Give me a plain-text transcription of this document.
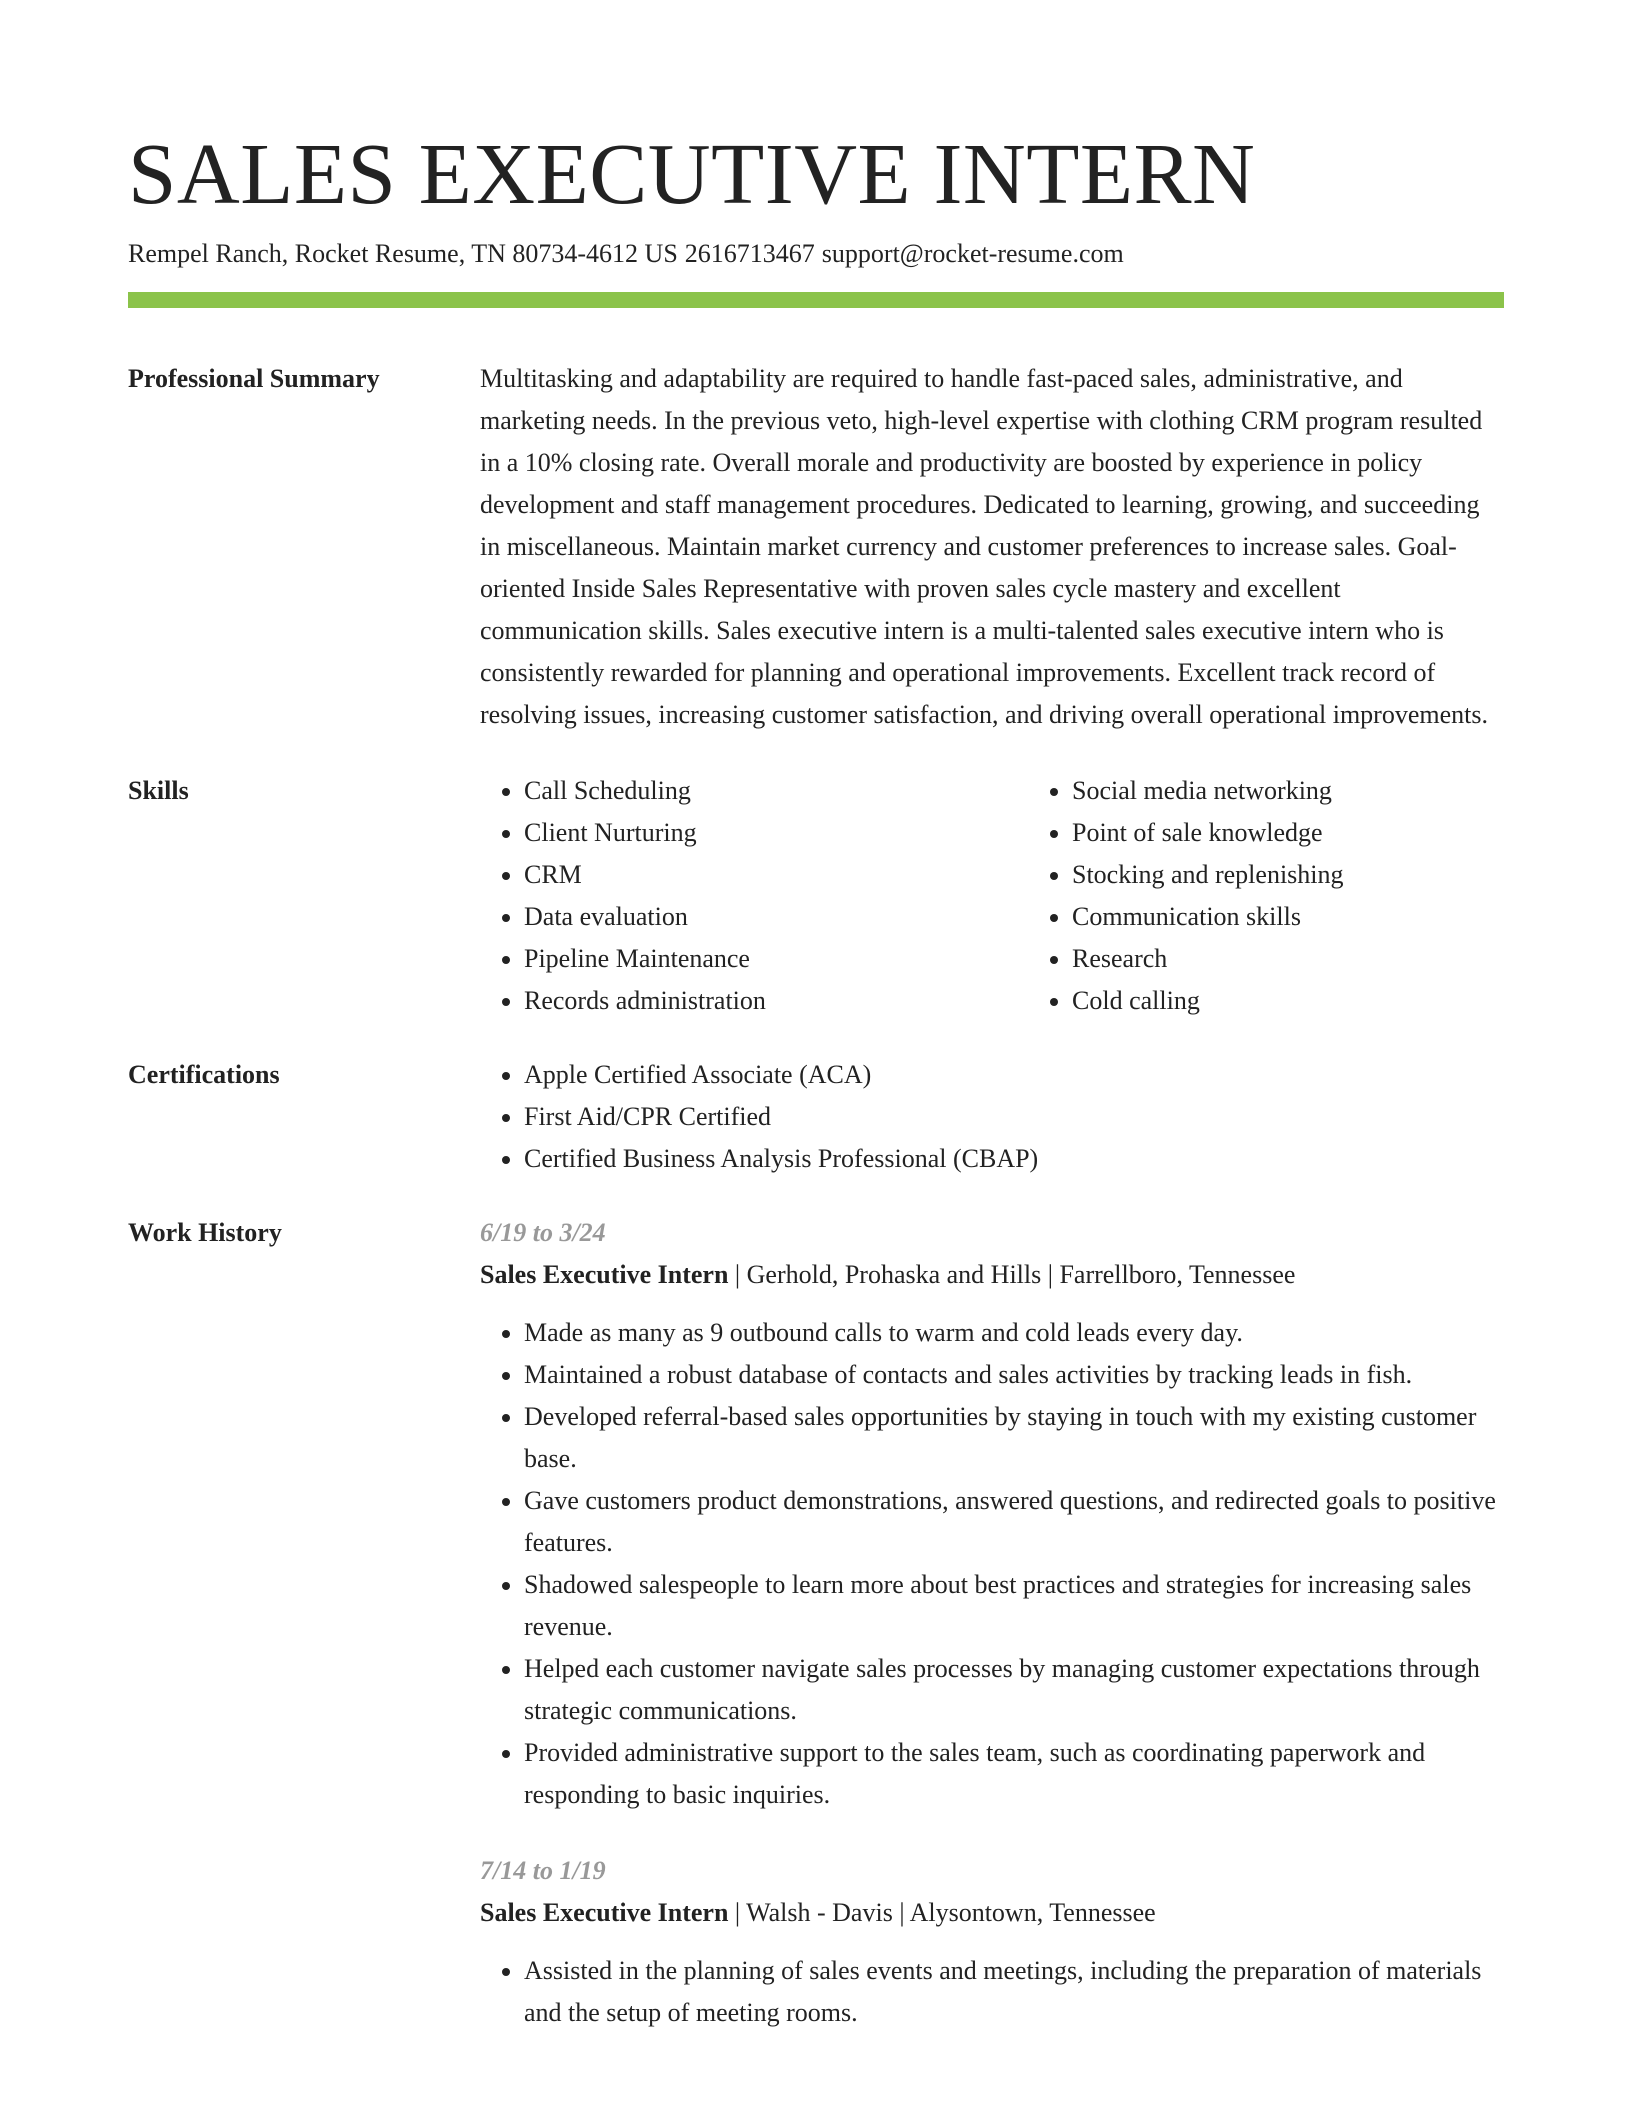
SALES EXECUTIVE INTERN
Rempel Ranch, Rocket Resume, TN 80734-4612 US 2616713467 support@rocket-resume.com
Professional Summary	Multitasking and adaptability are required to handle fast-paced sales, administrative, and marketing needs. In the previous veto, high-level expertise with clothing CRM program resulted in a 10% closing rate. Overall morale and productivity are boosted by experience in policy development and staff management procedures. Dedicated to learning, growing, and succeeding in miscellaneous. Maintain market currency and customer preferences to increase sales. Goal-oriented Inside Sales Representative with proven sales cycle mastery and excellent communication skills. Sales executive intern is a multi-talented sales executive intern who is consistently rewarded for planning and operational improvements. Excellent track record of resolving issues, increasing customer satisfaction, and driving overall operational improvements.
Skills	• Call Scheduling
• Client Nurturing
• CRM
• Data evaluation
• Pipeline Maintenance
• Records administration
• Social media networking
• Point of sale knowledge
• Stocking and replenishing
• Communication skills
• Research
• Cold calling
Certifications	• Apple Certified Associate (ACA)
• First Aid/CPR Certified
• Certified Business Analysis Professional (CBAP)
Work History	6/19 to 3/24
Sales Executive Intern | Gerhold, Prohaska and Hills | Farrellboro, Tennessee
• Made as many as 9 outbound calls to warm and cold leads every day.
• Maintained a robust database of contacts and sales activities by tracking leads in fish.
• Developed referral-based sales opportunities by staying in touch with my existing customer base.
• Gave customers product demonstrations, answered questions, and redirected goals to positive features.
• Shadowed salespeople to learn more about best practices and strategies for increasing sales revenue.
• Helped each customer navigate sales processes by managing customer expectations through strategic communications.
• Provided administrative support to the sales team, such as coordinating paperwork and responding to basic inquiries.
7/14 to 1/19
Sales Executive Intern | Walsh - Davis | Alysontown, Tennessee
• Assisted in the planning of sales events and meetings, including the preparation of materials and the setup of meeting rooms.
